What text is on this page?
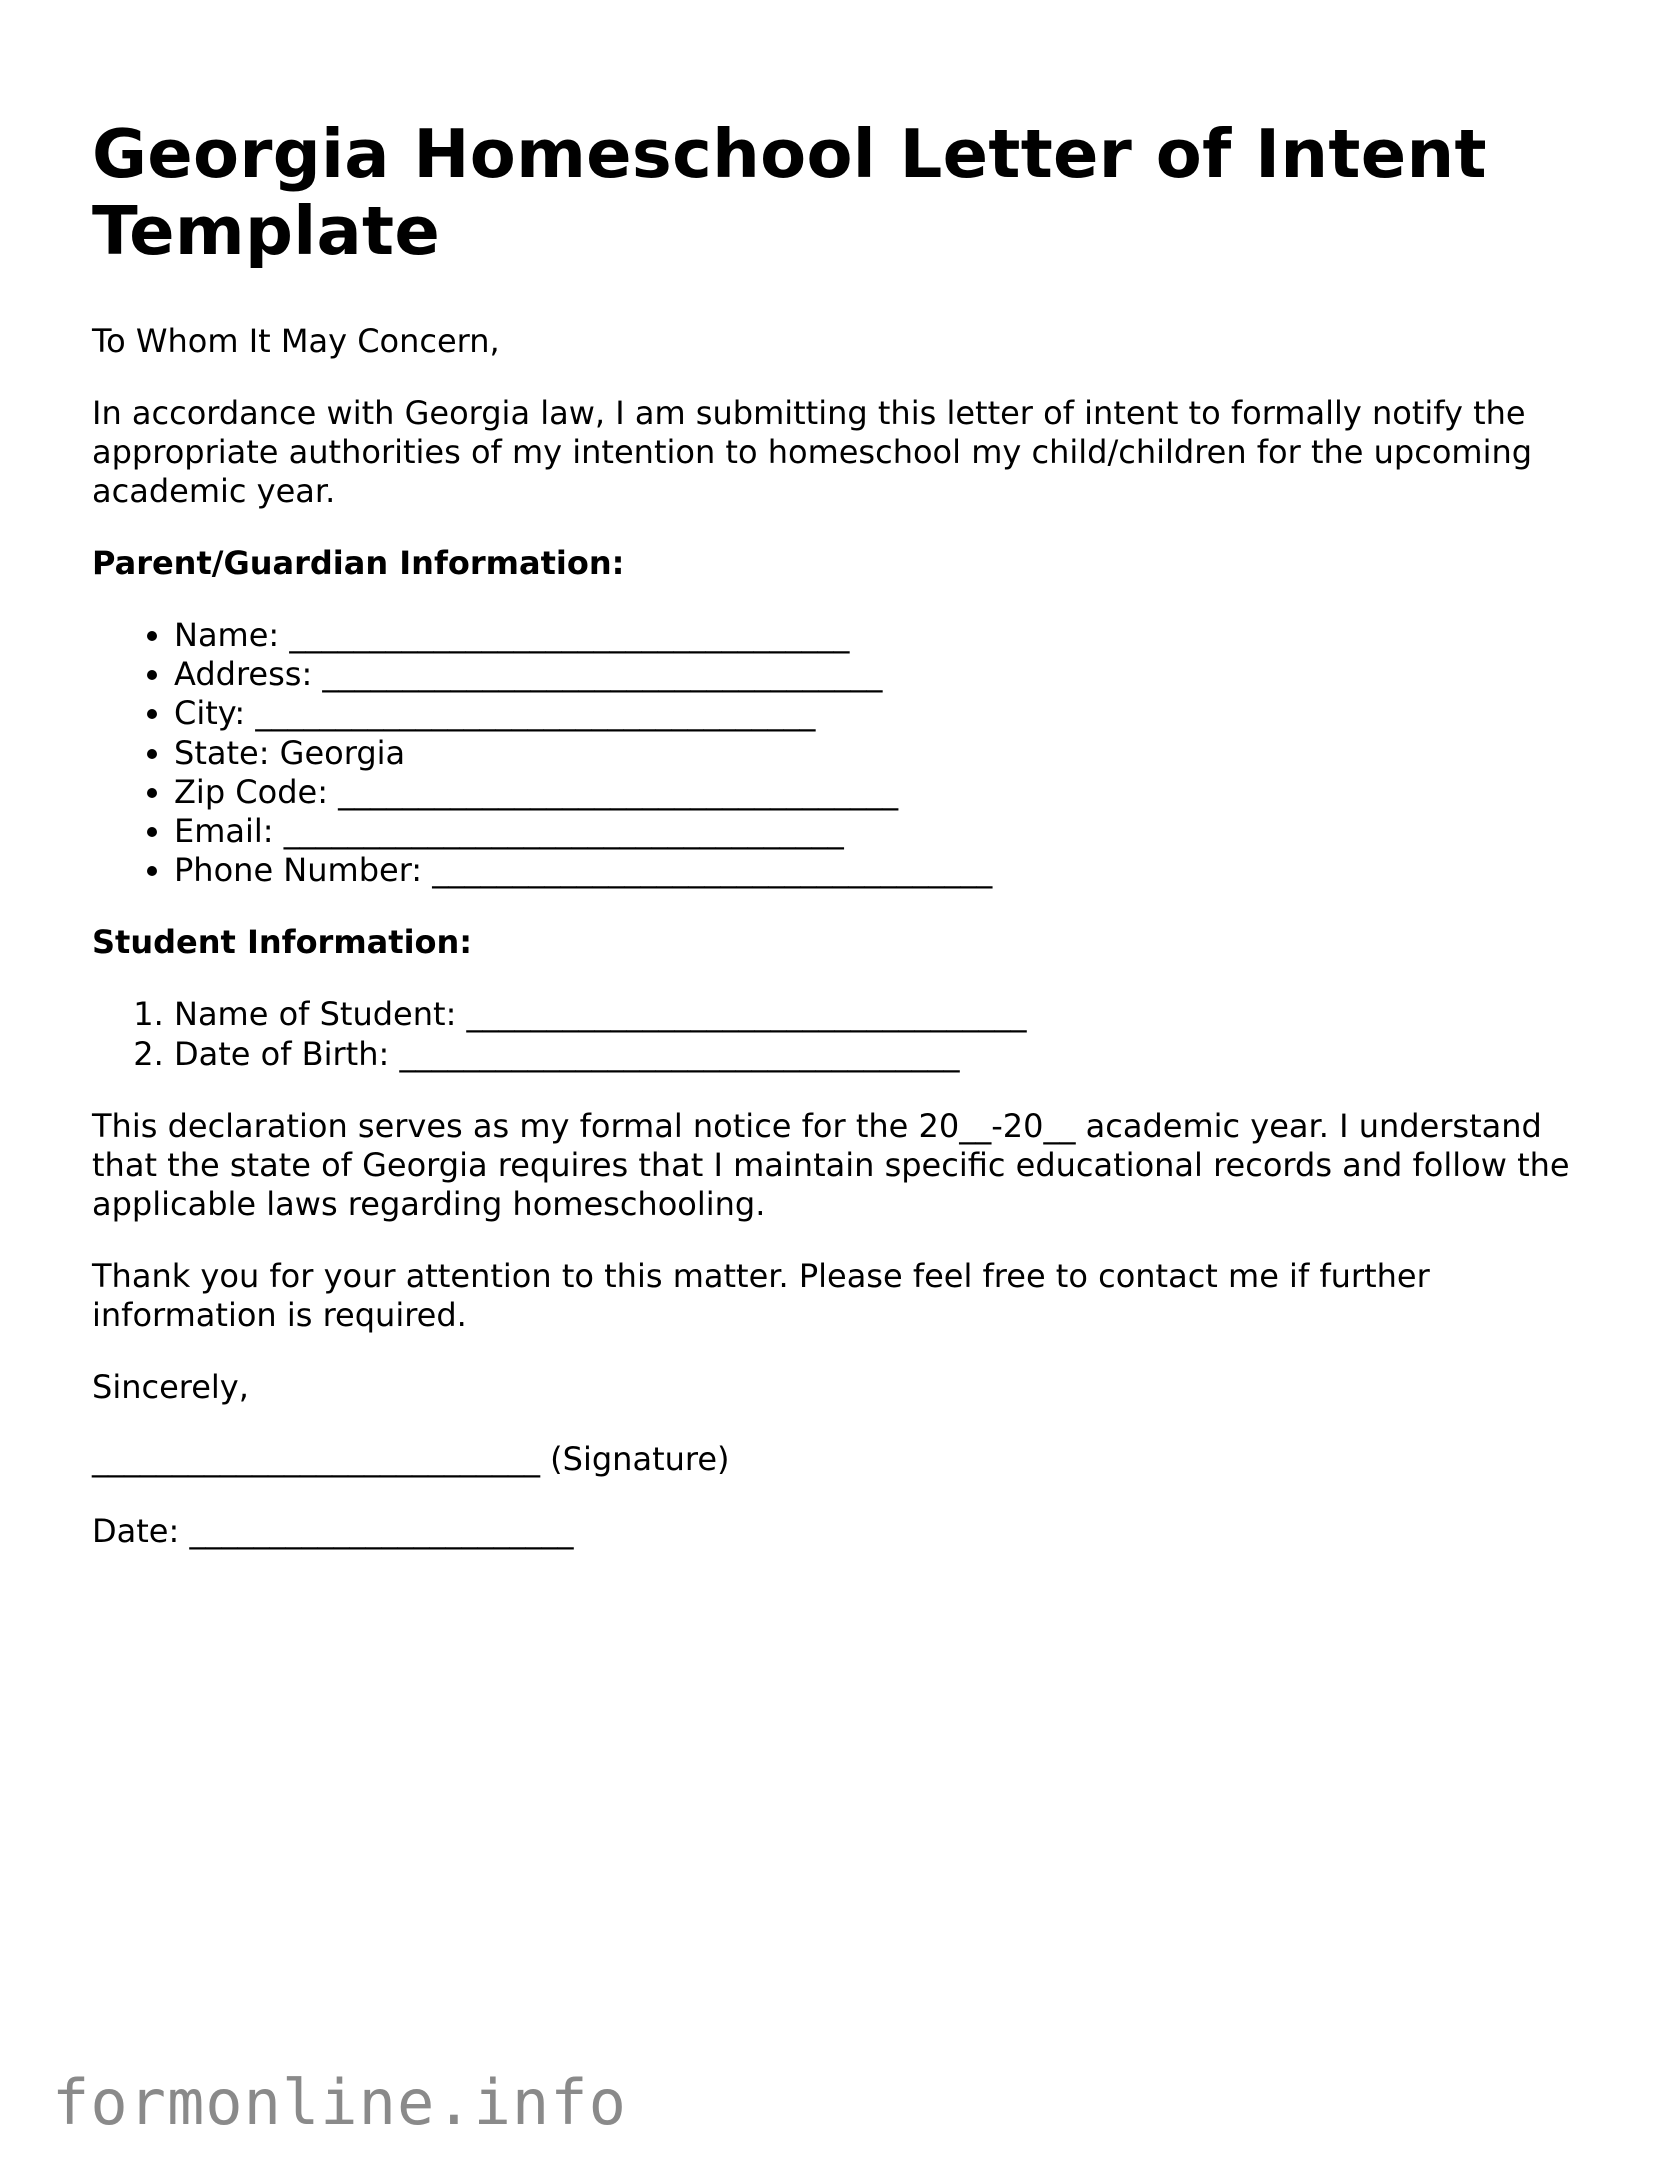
Georgia Homeschool Letter of Intent Template

To Whom It May Concern,

In accordance with Georgia law, I am submitting this letter of intent to formally notify the appropriate authorities of my intention to homeschool my child/children for the upcoming academic year.

Parent/Guardian Information:
• Name: ___________________________________
• Address: ___________________________________
• City: ___________________________________
• State: Georgia
• Zip Code: ___________________________________
• Email: ___________________________________
• Phone Number: ___________________________________
Student Information:
1. Name of Student: ___________________________________
2. Date of Birth: ___________________________________

This declaration serves as my formal notice for the 20__-20__ academic year. I understand that the state of Georgia requires that I maintain specific educational records and follow the applicable laws regarding homeschooling.

Thank you for your attention to this matter. Please feel free to contact me if further information is required.

Sincerely,

____________________________ (Signature)

Date: ________________________

formonline.info
